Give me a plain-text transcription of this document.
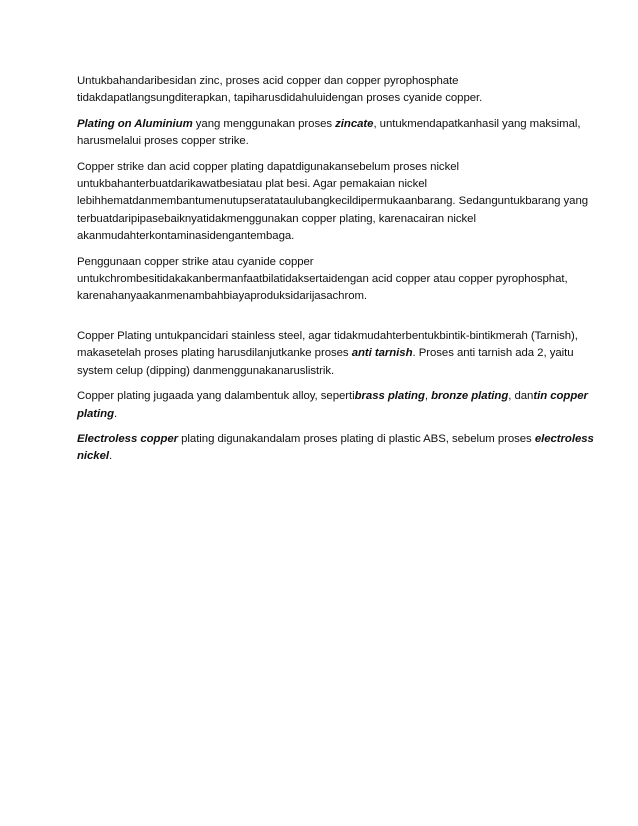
Untukbahandaribesidan zinc, proses acid copper dan copper pyrophosphate
tidakdapatlangsungditerapkan, tapiharusdidahuluidengan proses cyanide copper.

Plating on Aluminium yang menggunakan proses zincate, untukmendapatkanhasil yang maksimal,
harusmelalui proses copper strike.

Copper strike dan acid copper plating dapatdigunakansebelum proses nickel
untukbahanterbuatdarikawatbesiatau plat besi. Agar pemakaian nickel
lebihhematdanmembantumenutupseratataulubangkecildipermukaanbarang. Sedanguntukbarang yang
terbuatdaripipasebaiknyatidakmenggunakan copper plating, karenacairan nickel
akanmudahterkontaminasidengantembaga.

Penggunaan copper strike atau cyanide copper
untukchrombesitidakakanbermanfaatbilatidaksertaidengan acid copper atau copper pyrophosphat,
karenahanyaakanmenambahbiayaproduksidarijasachrom.

Copper Plating untukpancidari stainless steel, agar tidakmudahterbentukbintik-bintikmerah (Tarnish),
makasetelah proses plating harusdilanjutkanke proses anti tarnish. Proses anti tarnish ada 2, yaitu
system celup (dipping) danmenggunakanaruslistrik.

Copper plating jugaada yang dalambentuk alloy, sepertibrass plating, bronze plating, dantin copper
plating.

Electroless copper plating digunakandalam proses plating di plastic ABS, sebelum proses electroless
nickel.
